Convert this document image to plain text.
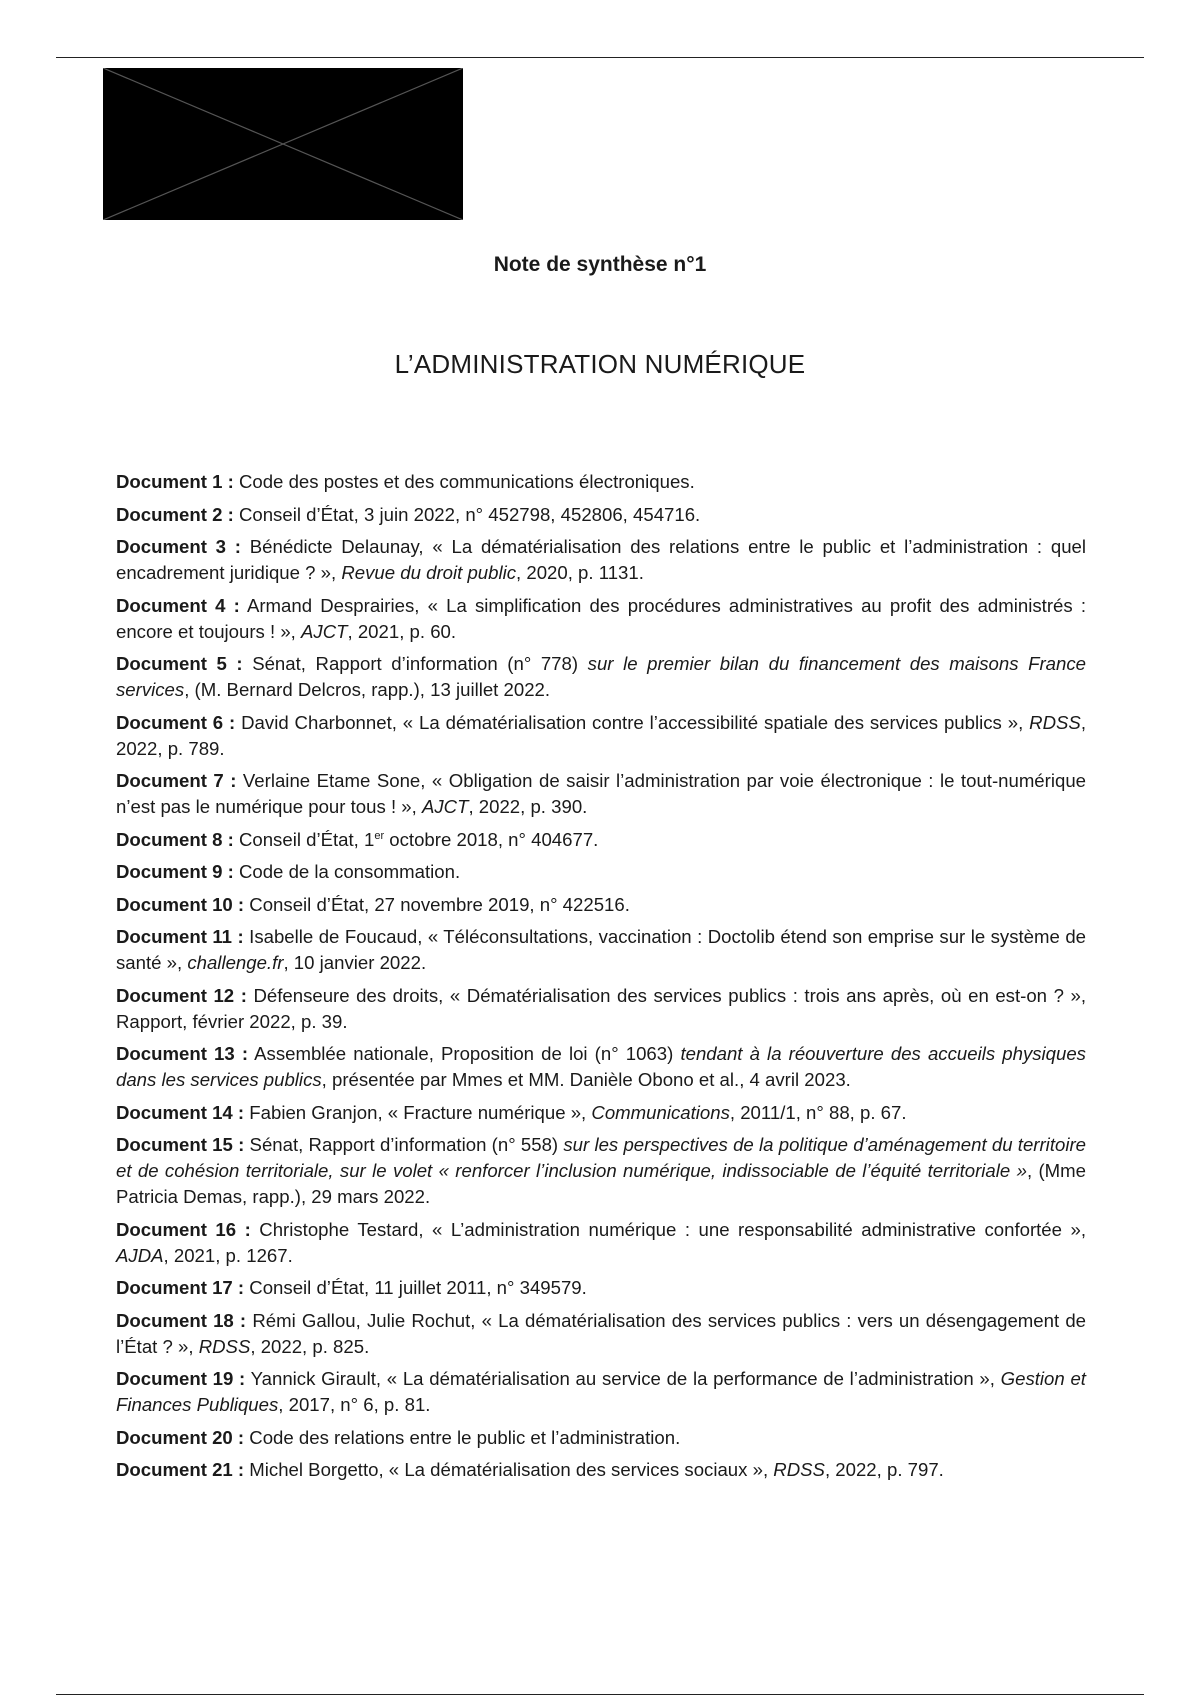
Note de synthèse n°1
L’ADMINISTRATION NUMÉRIQUE
Document 1 : Code des postes et des communications électroniques.
Document 2 : Conseil d’État, 3 juin 2022, n° 452798, 452806, 454716.
Document 3 : Bénédicte Delaunay, « La dématérialisation des relations entre le public et l’administration : quel encadrement juridique ? », Revue du droit public, 2020, p. 1131.
Document 4 : Armand Desprairies, « La simplification des procédures administratives au profit des administrés : encore et toujours ! », AJCT, 2021, p. 60.
Document 5 : Sénat, Rapport d’information (n° 778) sur le premier bilan du financement des maisons France services, (M. Bernard Delcros, rapp.), 13 juillet 2022.
Document 6 : David Charbonnet, « La dématérialisation contre l’accessibilité spatiale des services publics », RDSS, 2022, p. 789.
Document 7 : Verlaine Etame Sone, « Obligation de saisir l’administration par voie électronique : le tout-numérique n’est pas le numérique pour tous ! », AJCT, 2022, p. 390.
Document 8 : Conseil d’État, 1er octobre 2018, n° 404677.
Document 9 : Code de la consommation.
Document 10 : Conseil d’État, 27 novembre 2019, n° 422516.
Document 11 : Isabelle de Foucaud, « Téléconsultations, vaccination : Doctolib étend son emprise sur le système de santé », challenge.fr, 10 janvier 2022.
Document 12 : Défenseure des droits, « Dématérialisation des services publics : trois ans après, où en est-on ? », Rapport, février 2022, p. 39.
Document 13 : Assemblée nationale, Proposition de loi (n° 1063) tendant à la réouverture des accueils physiques dans les services publics, présentée par Mmes et MM. Danièle Obono et al., 4 avril 2023.
Document 14 : Fabien Granjon, « Fracture numérique », Communications, 2011/1, n° 88, p. 67.
Document 15 : Sénat, Rapport d’information (n° 558) sur les perspectives de la politique d’aménagement du territoire et de cohésion territoriale, sur le volet « renforcer l’inclusion numérique, indissociable de l’équité territoriale », (Mme Patricia Demas, rapp.), 29 mars 2022.
Document 16 : Christophe Testard, « L’administration numérique : une responsabilité administrative confortée », AJDA, 2021, p. 1267.
Document 17 : Conseil d’État, 11 juillet 2011, n° 349579.
Document 18 : Rémi Gallou, Julie Rochut, « La dématérialisation des services publics : vers un désengagement de l’État ? », RDSS, 2022, p. 825.
Document 19 : Yannick Girault, « La dématérialisation au service de la performance de l’administration », Gestion et Finances Publiques, 2017, n° 6, p. 81.
Document 20 : Code des relations entre le public et l’administration.
Document 21 : Michel Borgetto, « La dématérialisation des services sociaux », RDSS, 2022, p. 797.
